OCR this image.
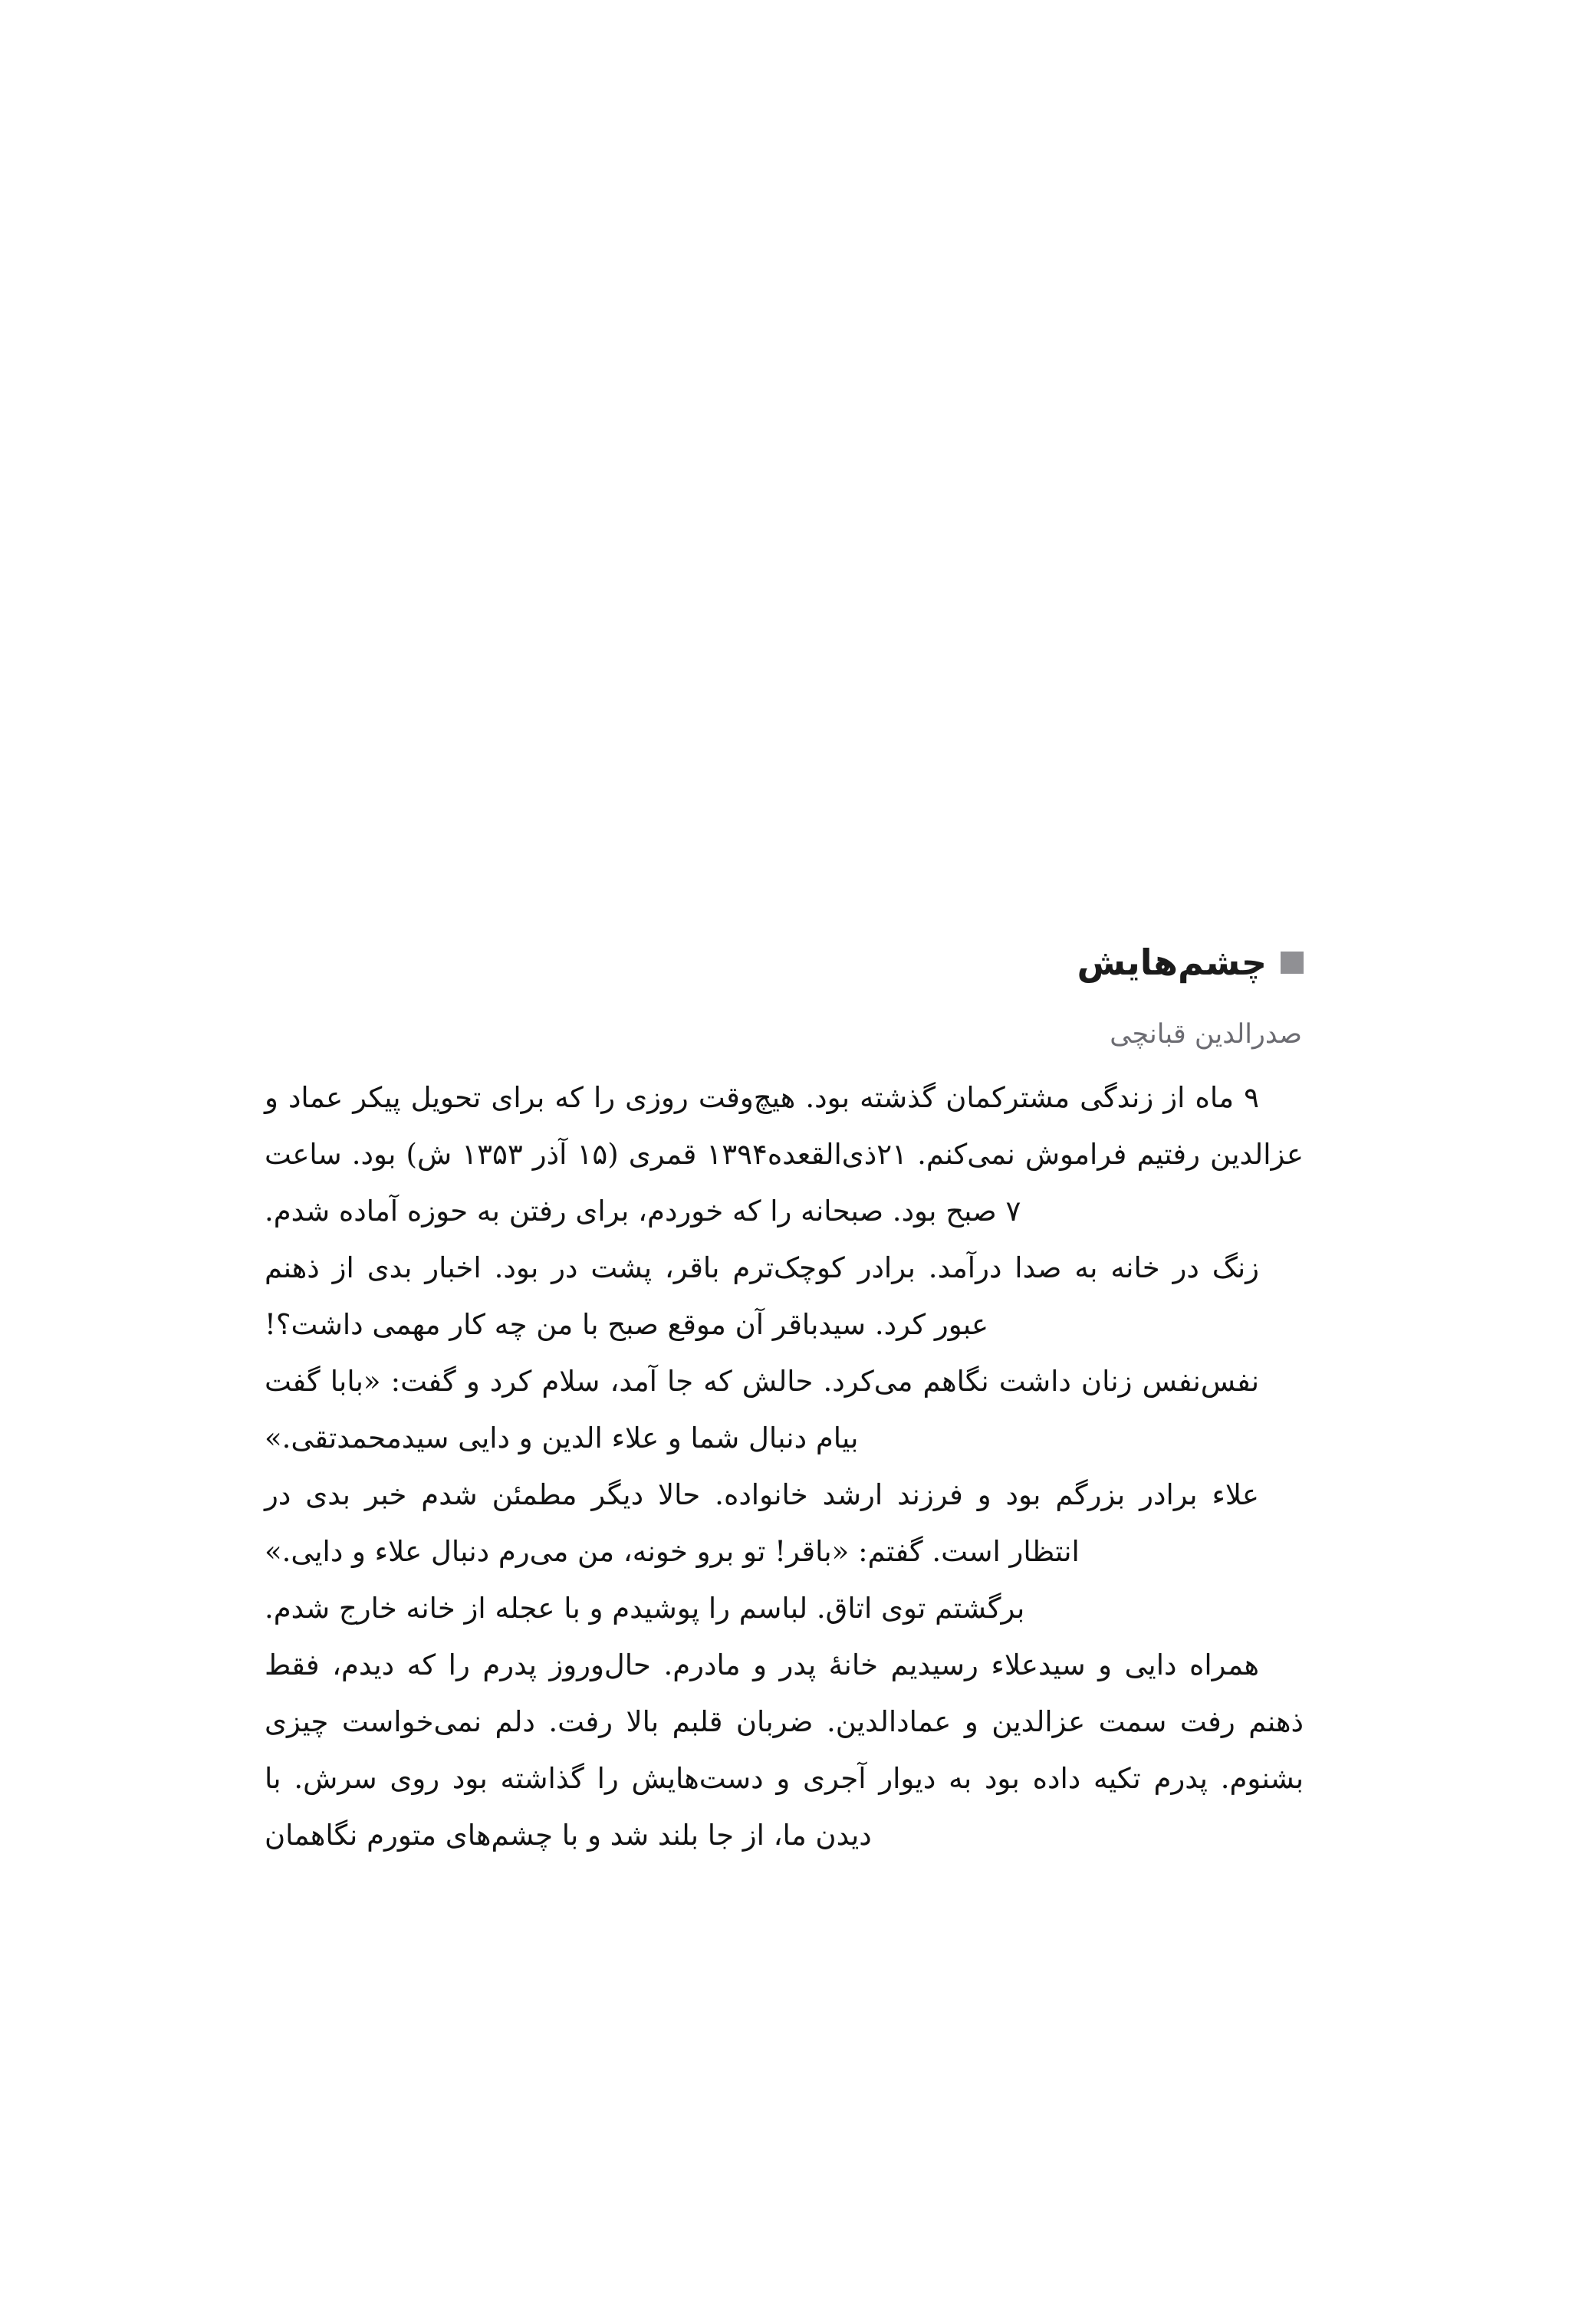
چشم‌هایش
صدرالدین قبانچی

۹ ماه از زندگی مشترکمان گذشته بود. هیچ‌وقت روزی را که برای تحویل پیکر عماد و عزالدین رفتیم فراموش نمی‌کنم. ۲۱ذی‌القعده۱۳۹۴ قمری (۱۵ آذر ۱۳۵۳ ش) بود. ساعت ۷ صبح بود. صبحانه را که خوردم، برای رفتن به حوزه آماده شدم.

زنگ در خانه به صدا درآمد. برادر کوچک‌ترم باقر، پشت در بود. اخبار بدی از ذهنم عبور کرد. سیدباقر آن موقع صبح با من چه کار مهمی داشت؟!

نفس‌نفس زنان داشت نگاهم می‌کرد. حالش که جا آمد، سلام کرد و گفت: «بابا گفت بیام دنبال شما و علاء الدین و دایی سیدمحمدتقی.»

علاء برادر بزرگم بود و فرزند ارشد خانواده. حالا دیگر مطمئن شدم خبر بدی در انتظار است. گفتم: «باقر! تو برو خونه، من می‌رم دنبال علاء و دایی.»

برگشتم توی اتاق. لباسم را پوشیدم و با عجله از خانه خارج شدم.

همراه دایی و سیدعلاء رسیدیم خانهٔ پدر و مادرم. حال‌وروز پدرم را که دیدم، فقط ذهنم رفت سمت عزالدین و عمادالدین. ضربان قلبم بالا رفت. دلم نمی‌خواست چیزی بشنوم. پدرم تکیه داده بود به دیوار آجری و دست‌هایش را گذاشته بود روی سرش. با دیدن ما، از جا بلند شد و با چشم‌های متورم نگاهمان
